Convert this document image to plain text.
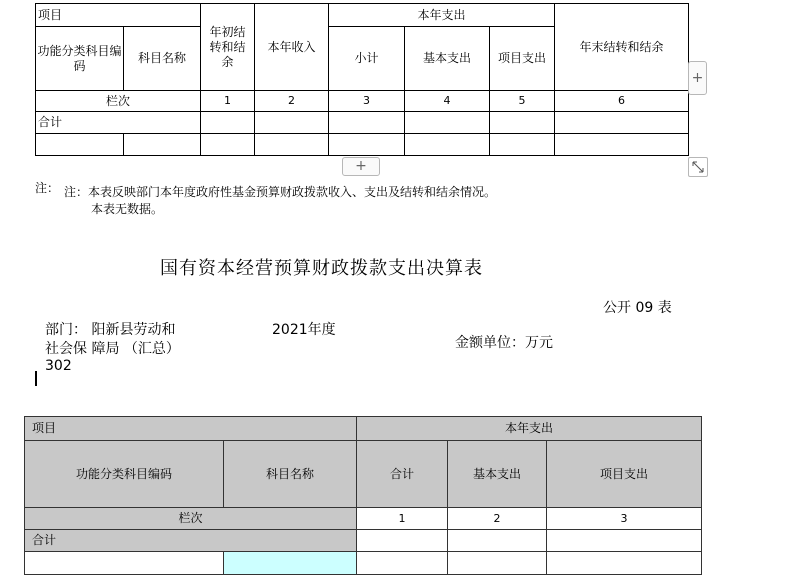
项目		年初结转和结余	本年收入	本年支出			年末结转和结余
功能分类科目编码	科目名称			小计	基本支出	项目支出	
栏次		1	2	3	4	5	6
合计							

+
+
注： 注：本表反映部门本年度政府性基金预算财政拨款收入、支出及结转和结余情况。
本表无数据。
国有资本经营预算财政拨款支出决算表
公开 09 表
部门： 阳新县劳动和
社会保 障局 （汇总）
302
2021年度
金额单位：万元
项目		本年支出		
功能分类科目编码	科目名称	合计	基本支出	项目支出
栏次		1	2	3
合计				
